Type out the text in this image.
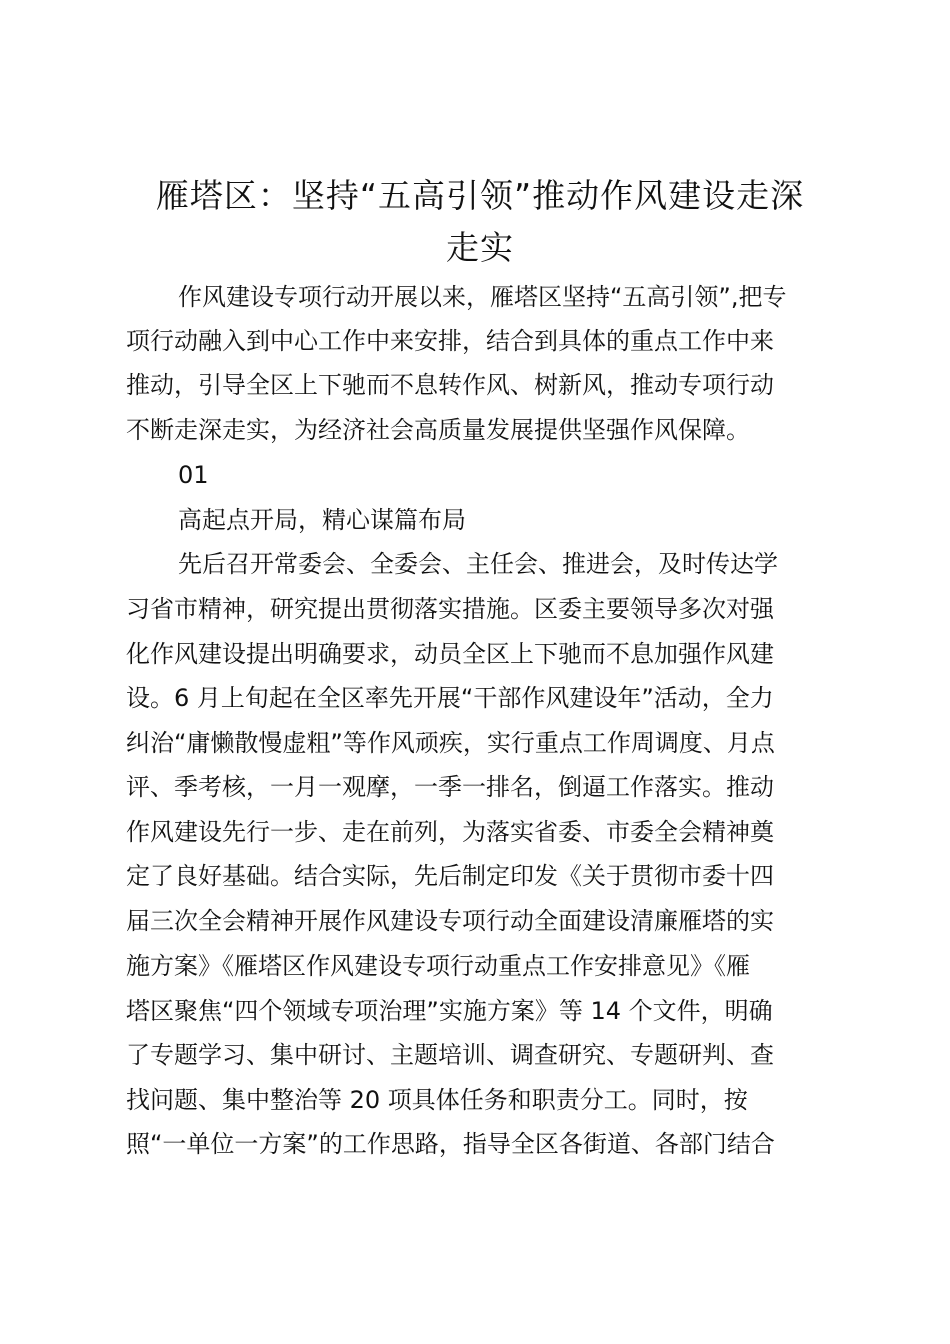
雁塔区：坚持“五高引领”推动作风建设走深
走实

作风建设专项行动开展以来，雁塔区坚持“五高引领”,把专

项行动融入到中心工作中来安排，结合到具体的重点工作中来

推动，引导全区上下驰而不息转作风、树新风，推动专项行动

不断走深走实，为经济社会高质量发展提供坚强作风保障。

01

高起点开局，精心谋篇布局

先后召开常委会、全委会、主任会、推进会，及时传达学

习省市精神，研究提出贯彻落实措施。区委主要领导多次对强

化作风建设提出明确要求，动员全区上下驰而不息加强作风建

设。6 月上旬起在全区率先开展“干部作风建设年”活动，全力

纠治“庸懒散慢虚粗”等作风顽疾，实行重点工作周调度、月点

评、季考核，一月一观摩，一季一排名，倒逼工作落实。推动

作风建设先行一步、走在前列，为落实省委、市委全会精神奠

定了良好基础。结合实际，先后制定印发《关于贯彻市委十四

届三次全会精神开展作风建设专项行动全面建设清廉雁塔的实

施方案》《雁塔区作风建设专项行动重点工作安排意见》《雁

塔区聚焦“四个领域专项治理”实施方案》等 14 个文件，明确

了专题学习、集中研讨、主题培训、调查研究、专题研判、查

找问题、集中整治等 20 项具体任务和职责分工。同时，按

照“一单位一方案”的工作思路，指导全区各街道、各部门结合
